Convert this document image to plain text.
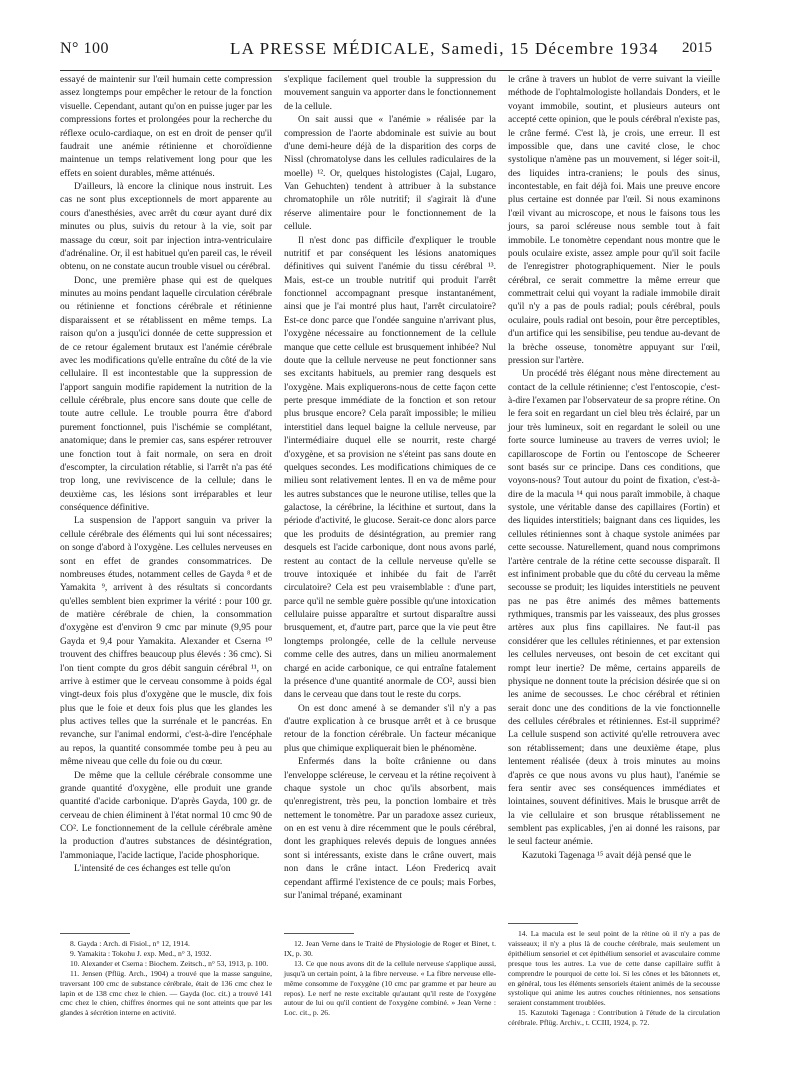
N° 100	LA PRESSE MÉDICALE, Samedi, 15 Décembre 1934 2015

essayé de maintenir sur l'œil humain cette compression assez longtemps pour empêcher le retour de la fonction visuelle. Cependant, autant qu'on en puisse juger par les compressions fortes et prolongées pour la recherche du réflexe oculo-cardiaque, on est en droit de penser qu'il faudrait une anémie rétinienne et choroïdienne maintenue un temps relativement long pour que les effets en soient durables, même atténués.

D'ailleurs, là encore la clinique nous instruit. Les cas ne sont plus exceptionnels de mort apparente au cours d'anesthésies, avec arrêt du cœur ayant duré dix minutes ou plus, suivis du retour à la vie, soit par massage du cœur, soit par injection intra-ventriculaire d'adrénaline. Or, il est habituel qu'en pareil cas, le réveil obtenu, on ne constate aucun trouble visuel ou cérébral.

Donc, une première phase qui est de quelques minutes au moins pendant laquelle circulation cérébrale ou rétinienne et fonctions cérébrale et rétinienne disparaissent et se rétablissent en même temps. La raison qu'on a jusqu'ici donnée de cette suppression et de ce retour également brutaux est l'anémie cérébrale avec les modifications qu'elle entraîne du côté de la vie cellulaire. Il est incontestable que la suppression de l'apport sanguin modifie rapidement la nutrition de la cellule cérébrale, plus encore sans doute que celle de toute autre cellule. Le trouble pourra être d'abord purement fonctionnel, puis l'ischémie se complétant, anatomique; dans le premier cas, sans espérer retrouver une fonction tout à fait normale, on sera en droit d'escompter, la circulation rétablie, si l'arrêt n'a pas été trop long, une reviviscence de la cellule; dans le deuxième cas, les lésions sont irréparables et leur conséquence définitive.

La suspension de l'apport sanguin va priver la cellule cérébrale des éléments qui lui sont nécessaires; on songe d'abord à l'oxygène. Les cellules nerveuses en sont en effet de grandes consommatrices. De nombreuses études, notamment celles de Gayda ⁸ et de Yamakita ⁹, arrivent à des résultats si concordants qu'elles semblent bien exprimer la vérité : pour 100 gr. de matière cérébrale de chien, la consommation d'oxygène est d'environ 9 cmc par minute (9,95 pour Gayda et 9,4 pour Yamakita. Alexander et Cserna ¹⁰ trouvent des chiffres beaucoup plus élevés : 36 cmc). Si l'on tient compte du gros débit sanguin cérébral ¹¹, on arrive à estimer que le cerveau consomme à poids égal vingt-deux fois plus d'oxygène que le muscle, dix fois plus que le foie et deux fois plus que les glandes les plus actives telles que la surrénale et le pancréas. En revanche, sur l'animal endormi, c'est-à-dire l'encéphale au repos, la quantité consommée tombe peu à peu au même niveau que celle du foie ou du cœur.

De même que la cellule cérébrale consomme une grande quantité d'oxygène, elle produit une grande quantité d'acide carbonique. D'après Gayda, 100 gr. de cerveau de chien éliminent à l'état normal 10 cmc 90 de CO². Le fonctionnement de la cellule cérébrale amène la production d'autres substances de désintégration, l'ammoniaque, l'acide lactique, l'acide phosphorique.

L'intensité de ces échanges est telle qu'on

s'explique facilement quel trouble la suppression du mouvement sanguin va apporter dans le fonctionnement de la cellule.

On sait aussi que « l'anémie » réalisée par la compression de l'aorte abdominale est suivie au bout d'une demi-heure déjà de la disparition des corps de Nissl (chromatolyse dans les cellules radiculaires de la moelle) ¹². Or, quelques histologistes (Cajal, Lugaro, Van Gehuchten) tendent à attribuer à la substance chromatophile un rôle nutritif; il s'agirait là d'une réserve alimentaire pour le fonctionnement de la cellule.

Il n'est donc pas difficile d'expliquer le trouble nutritif et par conséquent les lésions anatomiques définitives qui suivent l'anémie du tissu cérébral ¹³. Mais, est-ce un trouble nutritif qui produit l'arrêt fonctionnel accompagnant presque instantanément, ainsi que je l'ai montré plus haut, l'arrêt circulatoire? Est-ce donc parce que l'ondée sanguine n'arrivant plus, l'oxygène nécessaire au fonctionnement de la cellule manque que cette cellule est brusquement inhibée? Nul doute que la cellule nerveuse ne peut fonctionner sans ses excitants habituels, au premier rang desquels est l'oxygène. Mais expliquerons-nous de cette façon cette perte presque immédiate de la fonction et son retour plus brusque encore? Cela paraît impossible; le milieu interstitiel dans lequel baigne la cellule nerveuse, par l'intermédiaire duquel elle se nourrit, reste chargé d'oxygène, et sa provision ne s'éteint pas sans doute en quelques secondes. Les modifications chimiques de ce milieu sont relativement lentes. Il en va de même pour les autres substances que le neurone utilise, telles que la galactose, la cérébrine, la lécithine et surtout, dans la période d'activité, le glucose. Serait-ce donc alors parce que les produits de désintégration, au premier rang desquels est l'acide carbonique, dont nous avons parlé, restent au contact de la cellule nerveuse qu'elle se trouve intoxiquée et inhibée du fait de l'arrêt circulatoire? Cela est peu vraisemblable : d'une part, parce qu'il ne semble guère possible qu'une intoxication cellulaire puisse apparaître et surtout disparaître aussi brusquement, et, d'autre part, parce que la vie peut être longtemps prolongée, celle de la cellule nerveuse comme celle des autres, dans un milieu anormalement chargé en acide carbonique, ce qui entraîne fatalement la présence d'une quantité anormale de CO², aussi bien dans le cerveau que dans tout le reste du corps.

On est donc amené à se demander s'il n'y a pas d'autre explication à ce brusque arrêt et à ce brusque retour de la fonction cérébrale. Un facteur mécanique plus que chimique expliquerait bien le phénomène.

Enfermés dans la boîte crânienne ou dans l'enveloppe scléreuse, le cerveau et la rétine reçoivent à chaque systole un choc qu'ils absorbent, mais qu'enregistrent, très peu, la ponction lombaire et très nettement le tonomètre. Par un paradoxe assez curieux, on en est venu à dire récemment que le pouls cérébral, dont les graphiques relevés depuis de longues années sont si intéressants, existe dans le crâne ouvert, mais non dans le crâne intact. Léon Fredericq avait cependant affirmé l'existence de ce pouls; mais Forbes, sur l'animal trépané, examinant

le crâne à travers un hublot de verre suivant la vieille méthode de l'ophtalmologiste hollandais Donders, et le voyant immobile, soutint, et plusieurs auteurs ont accepté cette opinion, que le pouls cérébral n'existe pas, le crâne fermé. C'est là, je crois, une erreur. Il est impossible que, dans une cavité close, le choc systolique n'amène pas un mouvement, si léger soit-il, des liquides intra-craniens; le pouls des sinus, incontestable, en fait déjà foi. Mais une preuve encore plus certaine est donnée par l'œil. Si nous examinons l'œil vivant au microscope, et nous le faisons tous les jours, sa paroi scléreuse nous semble tout à fait immobile. Le tonomètre cependant nous montre que le pouls oculaire existe, assez ample pour qu'il soit facile de l'enregistrer photographiquement. Nier le pouls cérébral, ce serait commettre la même erreur que commettrait celui qui voyant la radiale immobile dirait qu'il n'y a pas de pouls radial; pouls cérébral, pouls oculaire, pouls radial ont besoin, pour être perceptibles, d'un artifice qui les sensibilise, peu tendue au-devant de la brèche osseuse, tonomètre appuyant sur l'œil, pression sur l'artère.

Un procédé très élégant nous mène directement au contact de la cellule rétinienne; c'est l'entoscopie, c'est-à-dire l'examen par l'observateur de sa propre rétine. On le fera soit en regardant un ciel bleu très éclairé, par un jour très lumineux, soit en regardant le soleil ou une forte source lumineuse au travers de verres uviol; le capillaroscope de Fortin ou l'entoscope de Scheerer sont basés sur ce principe. Dans ces conditions, que voyons-nous? Tout autour du point de fixation, c'est-à-dire de la macula ¹⁴ qui nous paraît immobile, à chaque systole, une véritable danse des capillaires (Fortin) et des liquides interstitiels; baignant dans ces liquides, les cellules rétiniennes sont à chaque systole animées par cette secousse. Naturellement, quand nous comprimons l'artère centrale de la rétine cette secousse disparaît. Il est infiniment probable que du côté du cerveau la même secousse se produit; les liquides interstitiels ne peuvent pas ne pas être animés des mêmes battements rythmiques, transmis par les vaisseaux, des plus grosses artères aux plus fins capillaires. Ne faut-il pas considérer que les cellules rétiniennes, et par extension les cellules nerveuses, ont besoin de cet excitant qui rompt leur inertie? De même, certains appareils de physique ne donnent toute la précision désirée que si on les anime de secousses. Le choc cérébral et rétinien serait donc une des conditions de la vie fonctionnelle des cellules cérébrales et rétiniennes. Est-il supprimé? La cellule suspend son activité qu'elle retrouvera avec son rétablissement; dans une deuxième étape, plus lentement réalisée (deux à trois minutes au moins d'après ce que nous avons vu plus haut), l'anémie se fera sentir avec ses conséquences immédiates et lointaines, souvent définitives. Mais le brusque arrêt de la vie cellulaire et son brusque rétablissement ne semblent pas explicables, j'en ai donné les raisons, par le seul facteur anémie.

Kazutoki Tagenaga ¹⁵ avait déjà pensé que le

8. Gayda : Arch. di Fisiol., n° 12, 1914.

9. Yamakita : Tokohu J. exp. Med., n° 3, 1932.

10. Alexander et Cserna : Biochem. Zeitsch., n° 53, 1913, p. 100.

11. Jensen (Pflüg. Arch., 1904) a trouvé que la masse sanguine, traversant 100 cmc de substance cérébrale, était de 136 cmc chez le lapin et de 138 cmc chez le chien. — Gayda (loc. cit.) a trouvé 141 cmc chez le chien, chiffres énormes qui ne sont atteints que par les glandes à sécrétion interne en activité.

12. Jean Verne dans le Traité de Physiologie de Roger et Binet, t. IX, p. 30.

13. Ce que nous avons dit de la cellule nerveuse s'applique aussi, jusqu'à un certain point, à la fibre nerveuse. « La fibre nerveuse elle-même consomme de l'oxygène (10 cmc par gramme et par heure au repos). Le nerf ne reste excitable qu'autant qu'il reste de l'oxygène autour de lui ou qu'il contient de l'oxygène combiné. » Jean Verne : Loc. cit., p. 26.

14. La macula est le seul point de la rétine où il n'y a pas de vaisseaux; il n'y a plus là de couche cérébrale, mais seulement un épithélium sensoriel et cet épithélium sensoriel et avasculaire comme presque tous les autres. La vue de cette danse capillaire suffit à comprendre le pourquoi de cette loi. Si les cônes et les bâtonnets et, en général, tous les éléments sensoriels étaient animés de la secousse systolique qui anime les autres couches rétiniennes, nos sensations seraient constamment troublées.

15. Kazutoki Tagenaga : Contribution à l'étude de la circulation cérébrale. Pflüg. Archiv., t. CCIII, 1924, p. 72.
